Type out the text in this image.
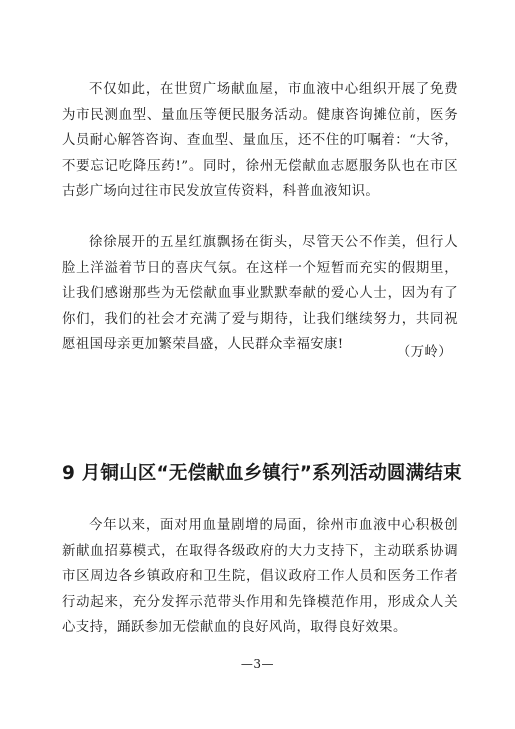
不仅如此，在世贸广场献血屋，市血液中心组织开展了免费为市民测血型、量血压等便民服务活动。健康咨询摊位前，医务人员耐心解答咨询、查血型、量血压，还不住的叮嘱着：“大爷，不要忘记吃降压药!”。同时，徐州无偿献血志愿服务队也在市区古彭广场向过往市民发放宣传资料，科普血液知识。

徐徐展开的五星红旗飘扬在街头，尽管天公不作美，但行人脸上洋溢着节日的喜庆气氛。在这样一个短暂而充实的假期里，让我们感谢那些为无偿献血事业默默奉献的爱心人士，因为有了你们，我们的社会才充满了爱与期待，让我们继续努力，共同祝愿祖国母亲更加繁荣昌盛，人民群众幸福安康!

（万岭）
9 月铜山区“无偿献血乡镇行”系列活动圆满结束

今年以来，面对用血量剧增的局面，徐州市血液中心积极创新献血招募模式，在取得各级政府的大力支持下，主动联系协调市区周边各乡镇政府和卫生院，倡议政府工作人员和医务工作者行动起来，充分发挥示范带头作用和先锋模范作用，形成众人关心支持，踊跃参加无偿献血的良好风尚，取得良好效果。

—3—
